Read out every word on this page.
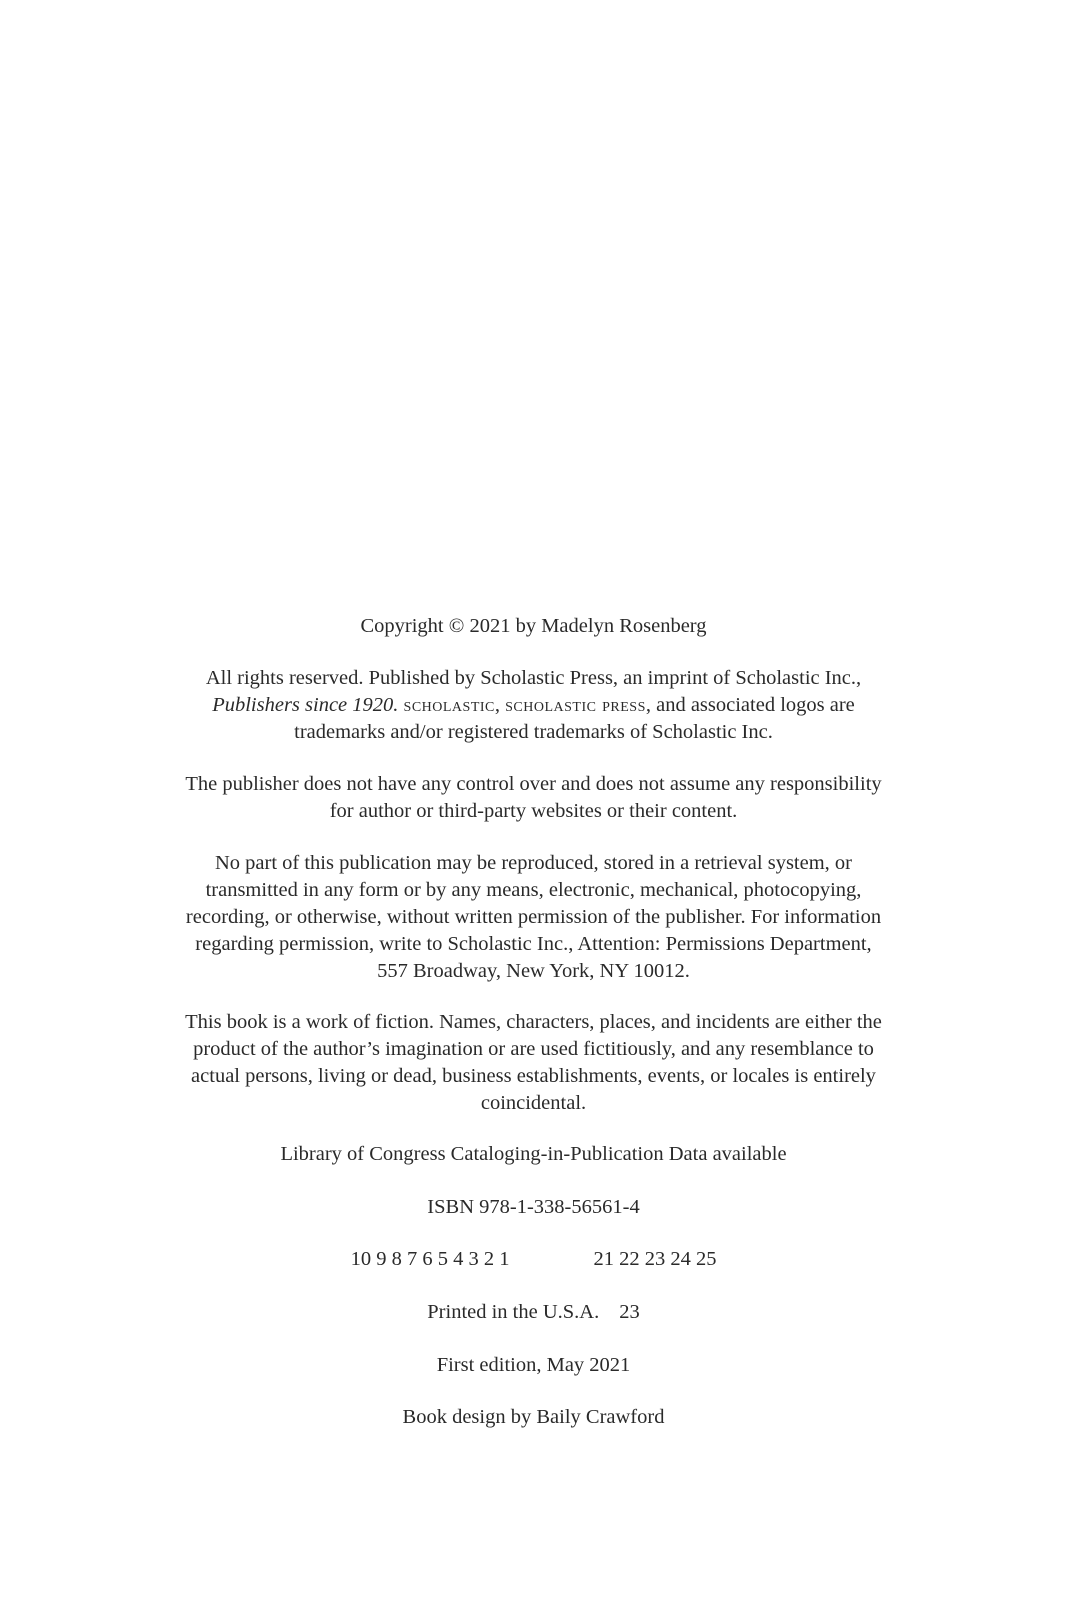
Copyright © 2021 by Madelyn Rosenberg
All rights reserved. Published by Scholastic Press, an imprint of Scholastic Inc.,
Publishers since 1920. scholastic, scholastic press, and associated logos are
trademarks and/or registered trademarks of Scholastic Inc.
The publisher does not have any control over and does not assume any responsibility
for author or third-party websites or their content.
No part of this publication may be reproduced, stored in a retrieval system, or
transmitted in any form or by any means, electronic, mechanical, photocopying,
recording, or otherwise, without written permission of the publisher. For information
regarding permission, write to Scholastic Inc., Attention: Permissions Department,
557 Broadway, New York, NY 10012.
This book is a work of fiction. Names, characters, places, and incidents are either the
product of the author’s imagination or are used fictitiously, and any resemblance to
actual persons, living or dead, business establishments, events, or locales is entirely
coincidental.
Library of Congress Cataloging-in-Publication Data available
ISBN 978-1-338-56561-4
10 9 8 7 6 5 4 3 2 1	21 22 23 24 25
Printed in the U.S.A. 23
First edition, May 2021
Book design by Baily Crawford
